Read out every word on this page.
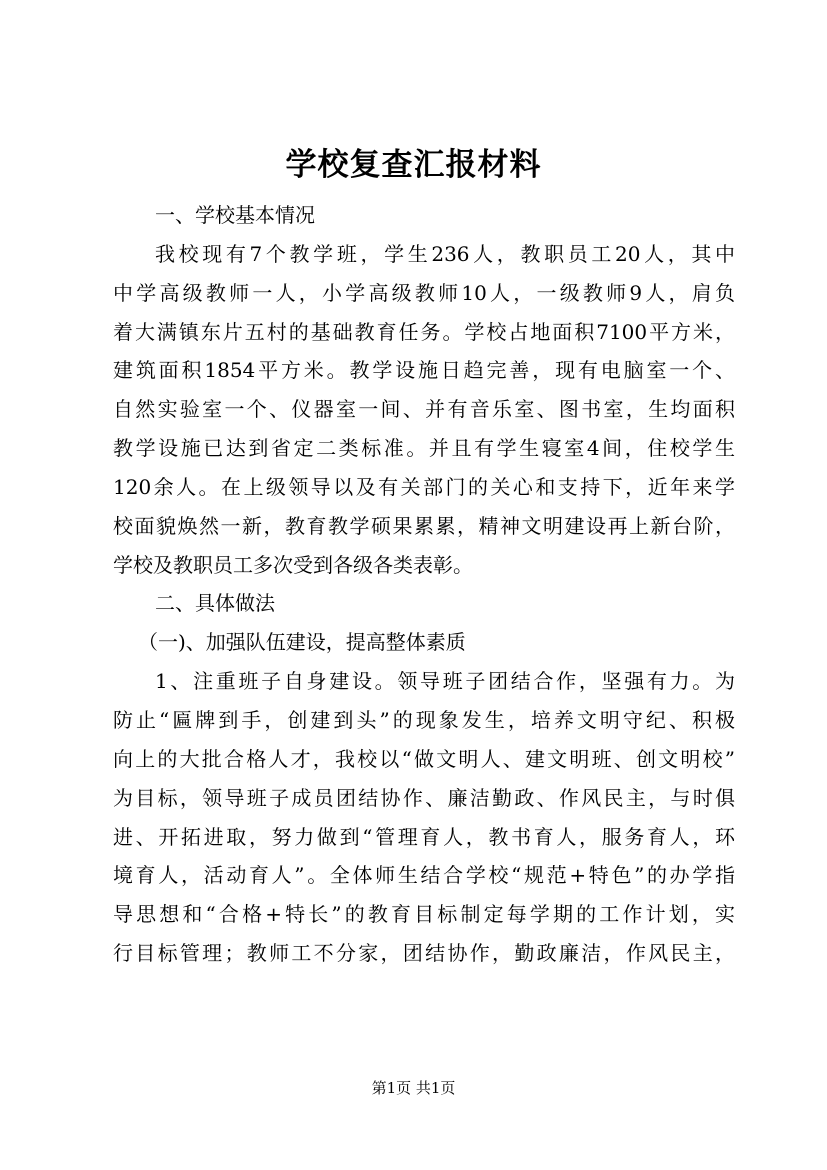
学校复查汇报材料
一、学校基本情况
我校现有7个教学班，学生236人，教职员工20人，其中
中学高级教师一人，小学高级教师10人，一级教师9人，肩负
着大满镇东片五村的基础教育任务。学校占地面积7100平方米，
建筑面积1854平方米。教学设施日趋完善，现有电脑室一个、
自然实验室一个、仪器室一间、并有音乐室、图书室，生均面积
教学设施已达到省定二类标准。并且有学生寝室4间，住校学生
120余人。在上级领导以及有关部门的关心和支持下，近年来学
校面貌焕然一新，教育教学硕果累累，精神文明建设再上新台阶，
学校及教职员工多次受到各级各类表彰。
二、具体做法
（一)、加强队伍建设，提高整体素质
1、注重班子自身建设。领导班子团结合作，坚强有力。为
防止“匾牌到手，创建到头”的现象发生，培养文明守纪、积极
向上的大批合格人才，我校以“做文明人、建文明班、创文明校”
为目标，领导班子成员团结协作、廉洁勤政、作风民主，与时俱
进、开拓进取，努力做到“管理育人，教书育人，服务育人，环
境育人，活动育人”。全体师生结合学校“规范+特色”的办学指
导思想和“合格+特长”的教育目标制定每学期的工作计划，实
行目标管理；教师工不分家，团结协作，勤政廉洁，作风民主，
第1页 共1页
